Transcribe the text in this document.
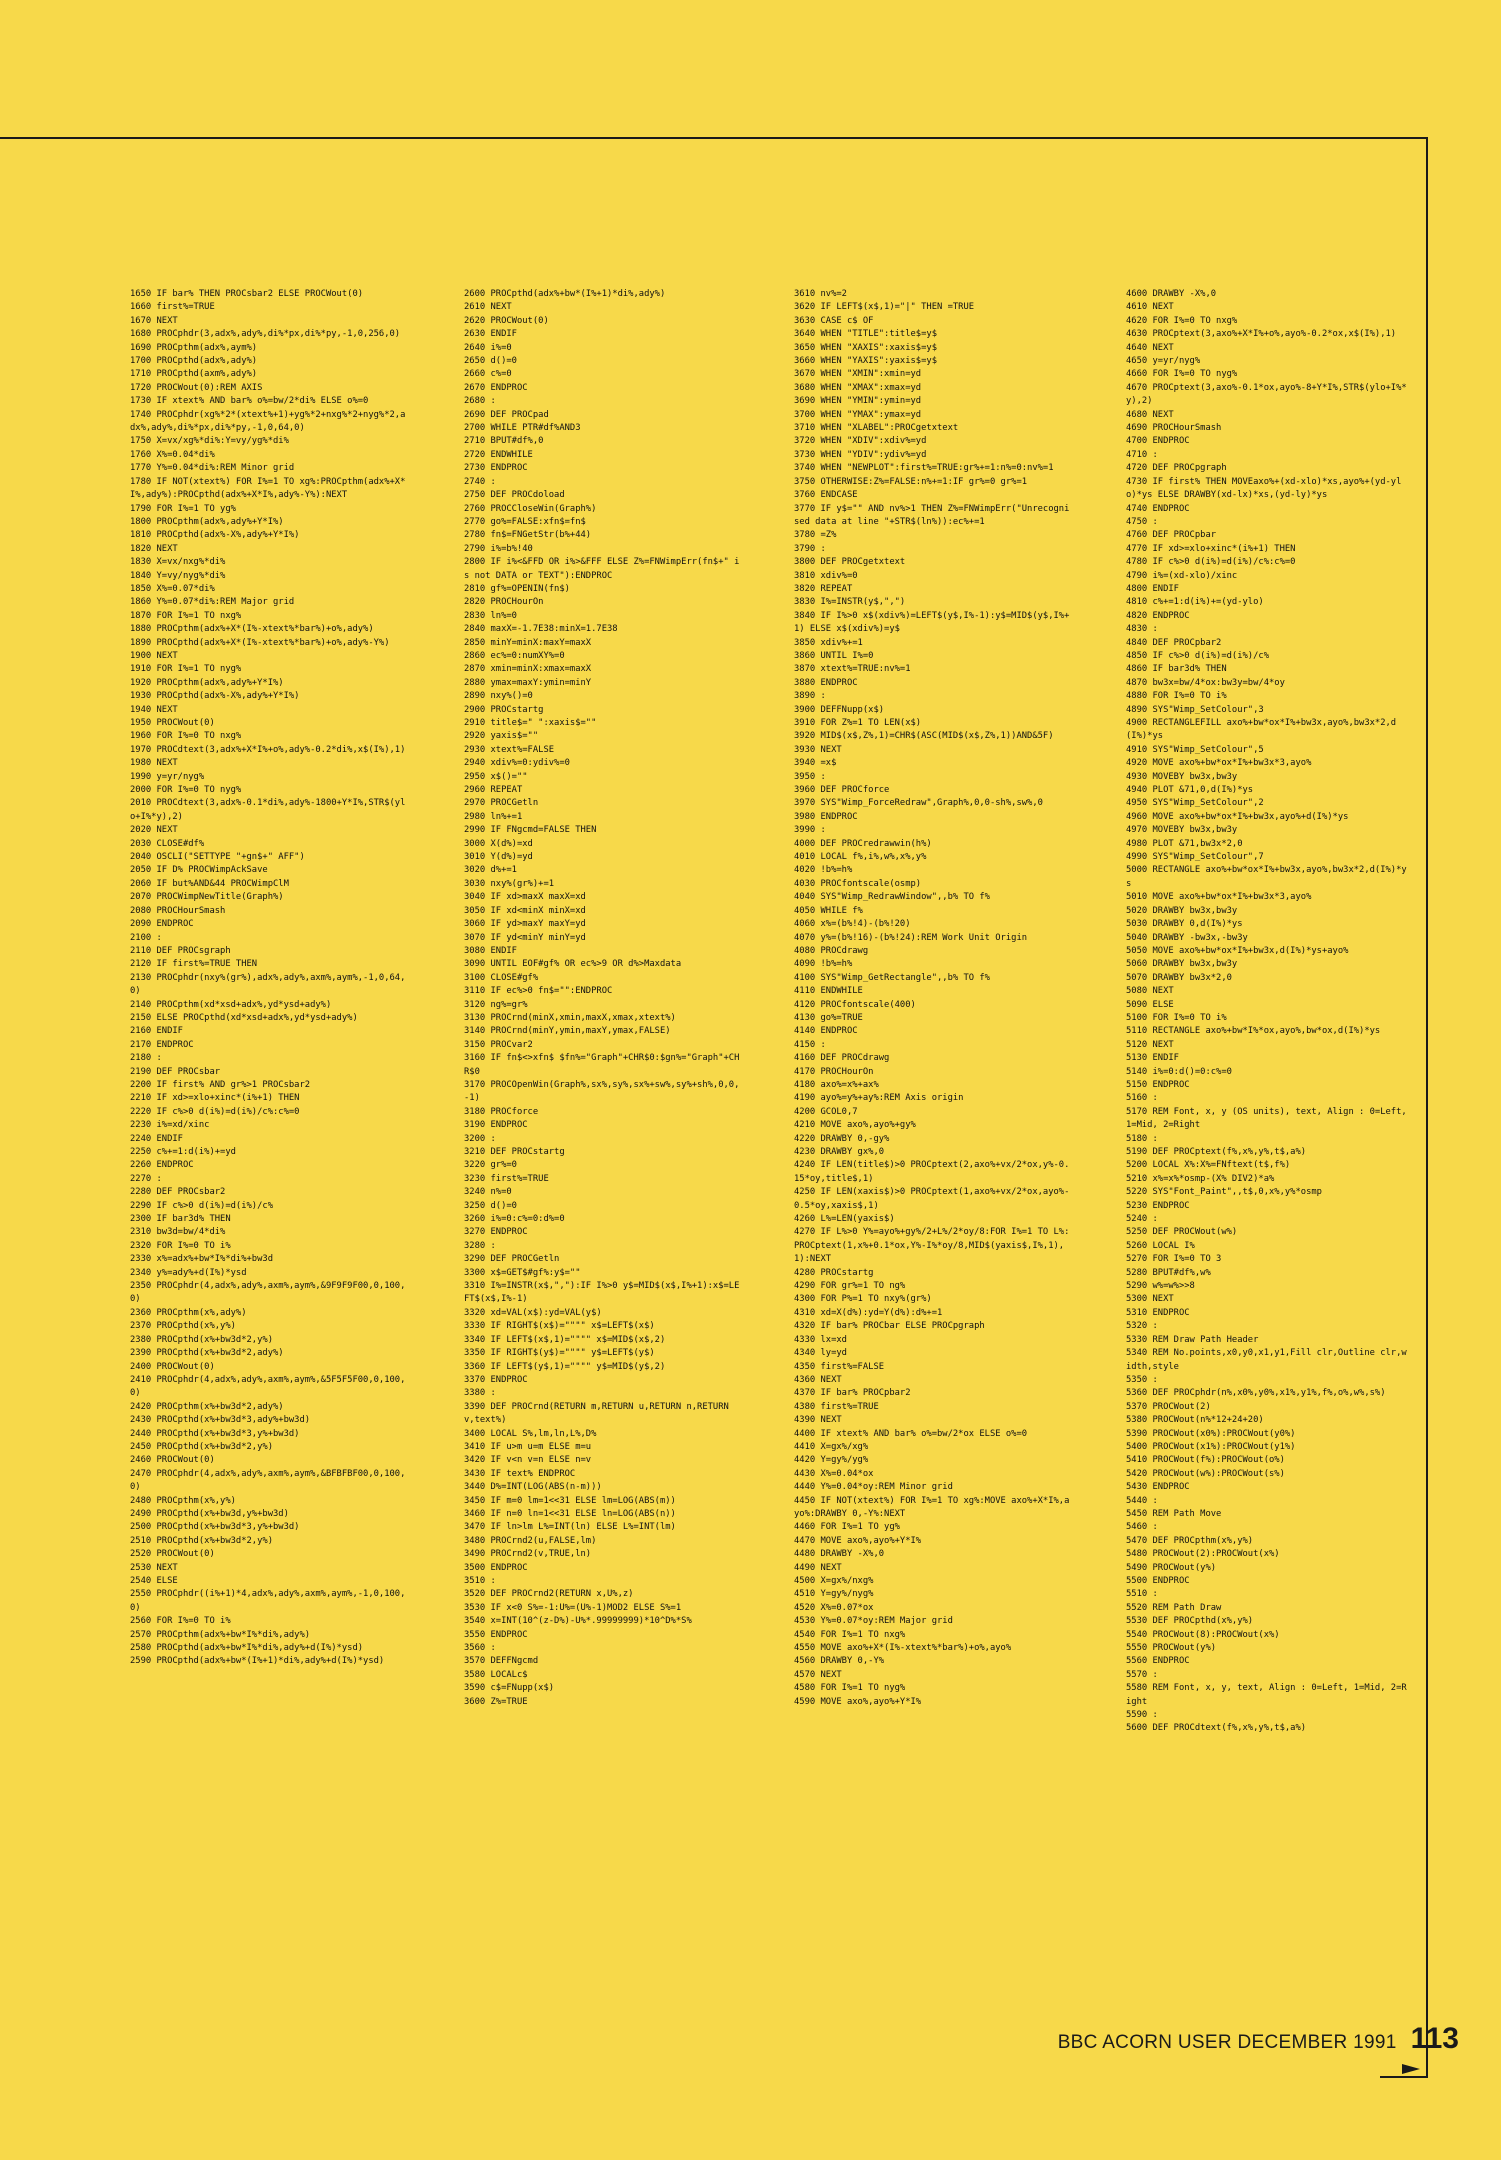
1650 IF bar% THEN PROCsbar2 ELSE PROCWout(0)
1660 first%=TRUE
1670 NEXT
1680 PROCphdr(3,adx%,ady%,di%*px,di%*py,-1,0,256,0)
1690 PROCpthm(adx%,aym%)
1700 PROCpthd(adx%,ady%)
1710 PROCpthd(axm%,ady%)
1720 PROCWout(0):REM AXIS
1730 IF xtext% AND bar% o%=bw/2*di% ELSE o%=0
1740 PROCphdr(xg%*2*(xtext%+1)+yg%*2+nxg%*2+nyg%*2,adx%,ady%,di%*px,di%*py,-1,0,64,0)
1750 X=vx/xg%*di%:Y=vy/yg%*di%
1760 X%=0.04*di%
1770 Y%=0.04*di%:REM Minor grid
1780 IF NOT(xtext%) FOR I%=1 TO xg%:PROCpthm(adx%+X*I%,ady%):PROCpthd(adx%+X*I%,ady%-Y%):NEXT
1790 FOR I%=1 TO yg%
1800 PROCpthm(adx%,ady%+Y*I%)
1810 PROCpthd(adx%-X%,ady%+Y*I%)
1820 NEXT
1830 X=vx/nxg%*di%
1840 Y=vy/nyg%*di%
1850 X%=0.07*di%
1860 Y%=0.07*di%:REM Major grid
1870 FOR I%=1 TO nxg%
1880 PROCpthm(adx%+X*(I%-xtext%*bar%)+o%,ady%)
1890 PROCpthd(adx%+X*(I%-xtext%*bar%)+o%,ady%-Y%)
1900 NEXT
1910 FOR I%=1 TO nyg%
1920 PROCpthm(adx%,ady%+Y*I%)
1930 PROCpthd(adx%-X%,ady%+Y*I%)
1940 NEXT
1950 PROCWout(0)
1960 FOR I%=0 TO nxg%
1970 PROCdtext(3,adx%+X*I%+o%,ady%-0.2*di%,x$(I%),1)
1980 NEXT
1990 y=yr/nyg%
2000 FOR I%=0 TO nyg%
2010 PROCdtext(3,adx%-0.1*di%,ady%-1800+Y*I%,STR$(ylo+I%*y),2)
2020 NEXT
2030 CLOSE#df%
2040 OSCLI("SETTYPE "+gn$+" AFF")
2050 IF D% PROCWimpAckSave
2060 IF but%AND&44 PROCWimpClM
2070 PROCWimpNewTitle(Graph%)
2080 PROCHourSmash
2090 ENDPROC
2100 :
2110 DEF PROCsgraph
2120 IF first%=TRUE THEN
2130 PROCphdr(nxy%(gr%),adx%,ady%,axm%,aym%,-1,0,64,0)
2140 PROCpthm(xd*xsd+adx%,yd*ysd+ady%)
2150 ELSE PROCpthd(xd*xsd+adx%,yd*ysd+ady%)
2160 ENDIF
2170 ENDPROC
2180 :
2190 DEF PROCsbar
2200 IF first% AND gr%>1 PROCsbar2
2210 IF xd>=xlo+xinc*(i%+1) THEN
2220 IF c%>0 d(i%)=d(i%)/c%:c%=0
2230 i%=xd/xinc
2240 ENDIF
2250 c%+=1:d(i%)+=yd
2260 ENDPROC
2270 :
2280 DEF PROCsbar2
2290 IF c%>0 d(i%)=d(i%)/c%
2300 IF bar3d% THEN
2310 bw3d=bw/4*di%
2320 FOR I%=0 TO i%
2330 x%=adx%+bw*I%*di%+bw3d
2340 y%=ady%+d(I%)*ysd
2350 PROCphdr(4,adx%,ady%,axm%,aym%,&9F9F9F00,0,100,0)
2360 PROCpthm(x%,ady%)
2370 PROCpthd(x%,y%)
2380 PROCpthd(x%+bw3d*2,y%)
2390 PROCpthd(x%+bw3d*2,ady%)
2400 PROCWout(0)
2410 PROCphdr(4,adx%,ady%,axm%,aym%,&5F5F5F00,0,100,0)
2420 PROCpthm(x%+bw3d*2,ady%)
2430 PROCpthd(x%+bw3d*3,ady%+bw3d)
2440 PROCpthd(x%+bw3d*3,y%+bw3d)
2450 PROCpthd(x%+bw3d*2,y%)
2460 PROCWout(0)
2470 PROCphdr(4,adx%,ady%,axm%,aym%,&BFBFBF00,0,100,0)
2480 PROCpthm(x%,y%)
2490 PROCpthd(x%+bw3d,y%+bw3d)
2500 PROCpthd(x%+bw3d*3,y%+bw3d)
2510 PROCpthd(x%+bw3d*2,y%)
2520 PROCWout(0)
2530 NEXT
2540 ELSE
2550 PROCphdr((i%+1)*4,adx%,ady%,axm%,aym%,-1,0,100,0)
2560 FOR I%=0 TO i%
2570 PROCpthm(adx%+bw*I%*di%,ady%)
2580 PROCpthd(adx%+bw*I%*di%,ady%+d(I%)*ysd)
2590 PROCpthd(adx%+bw*(I%+1)*di%,ady%+d(I%)*ysd)
2600 PROCpthd(adx%+bw*(I%+1)*di%,ady%)
2610 NEXT
2620 PROCWout(0)
2630 ENDIF
2640 i%=0
2650 d()=0
2660 c%=0
2670 ENDPROC
2680 :
2690 DEF PROCpad
2700 WHILE PTR#df%AND3
2710 BPUT#df%,0
2720 ENDWHILE
2730 ENDPROC
2740 :
2750 DEF PROCdoload
2760 PROCCloseWin(Graph%)
2770 go%=FALSE:xfn$=fn$
2780 fn$=FNGetStr(b%+44)
2790 i%=b%!40
2800 IF i%<&FFD OR i%>&FFF ELSE Z%=FNWimpErr(fn$+" is not DATA or TEXT"):ENDPROC
2810 gf%=OPENIN(fn$)
2820 PROCHourOn
2830 ln%=0
2840 maxX=-1.7E38:minX=1.7E38
2850 minY=minX:maxY=maxX
2860 ec%=0:numXY%=0
2870 xmin=minX:xmax=maxX
2880 ymax=maxY:ymin=minY
2890 nxy%()=0
2900 PROCstartg
2910 title$=" ":xaxis$=""
2920 yaxis$=""
2930 xtext%=FALSE
2940 xdiv%=0:ydiv%=0
2950 x$()=""
2960 REPEAT
2970 PROCGetln
2980 ln%+=1
2990 IF FNgcmd=FALSE THEN
3000 X(d%)=xd
3010 Y(d%)=yd
3020 d%+=1
3030 nxy%(gr%)+=1
3040 IF xd>maxX maxX=xd
3050 IF xd<minX minX=xd
3060 IF yd>maxY maxY=yd
3070 IF yd<minY minY=yd
3080 ENDIF
3090 UNTIL EOF#gf% OR ec%>9 OR d%>Maxdata
3100 CLOSE#gf%
3110 IF ec%>0 fn$="":ENDPROC
3120 ng%=gr%
3130 PROCrnd(minX,xmin,maxX,xmax,xtext%)
3140 PROCrnd(minY,ymin,maxY,ymax,FALSE)
3150 PROCvar2
3160 IF fn$<>xfn$ $fn%="Graph"+CHR$0:$gn%="Graph"+CHR$0
3170 PROCOpenWin(Graph%,sx%,sy%,sx%+sw%,sy%+sh%,0,0,-1)
3180 PROCforce
3190 ENDPROC
3200 :
3210 DEF PROCstartg
3220 gr%=0
3230 first%=TRUE
3240 n%=0
3250 d()=0
3260 i%=0:c%=0:d%=0
3270 ENDPROC
3280 :
3290 DEF PROCGetln
3300 x$=GET$#gf%:y$=""
3310 I%=INSTR(x$,","):IF I%>0 y$=MID$(x$,I%+1):x$=LEFT$(x$,I%-1)
3320 xd=VAL(x$):yd=VAL(y$)
3330 IF RIGHT$(x$)="""" x$=LEFT$(x$)
3340 IF LEFT$(x$,1)="""" x$=MID$(x$,2)
3350 IF RIGHT$(y$)="""" y$=LEFT$(y$)
3360 IF LEFT$(y$,1)="""" y$=MID$(y$,2)
3370 ENDPROC
3380 :
3390 DEF PROCrnd(RETURN m,RETURN u,RETURN n,RETURN v,text%)
3400 LOCAL S%,lm,ln,L%,D%
3410 IF u>m u=m ELSE m=u
3420 IF v<n v=n ELSE n=v
3430 IF text% ENDPROC
3440 D%=INT(LOG(ABS(n-m)))
3450 IF m=0 lm=1<<31 ELSE lm=LOG(ABS(m))
3460 IF n=0 ln=1<<31 ELSE ln=LOG(ABS(n))
3470 IF ln>lm L%=INT(ln) ELSE L%=INT(lm)
3480 PROCrnd2(u,FALSE,lm)
3490 PROCrnd2(v,TRUE,ln)
3500 ENDPROC
3510 :
3520 DEF PROCrnd2(RETURN x,U%,z)
3530 IF x<0 S%=-1:U%=(U%-1)MOD2 ELSE S%=1
3540 x=INT(10^(z-D%)-U%*.99999999)*10^D%*S%
3550 ENDPROC
3560 :
3570 DEFFNgcmd
3580 LOCALc$
3590 c$=FNupp(x$)
3600 Z%=TRUE
3610 nv%=2
3620 IF LEFT$(x$,1)="|" THEN =TRUE
3630 CASE c$ OF
3640 WHEN "TITLE":title$=y$
3650 WHEN "XAXIS":xaxis$=y$
3660 WHEN "YAXIS":yaxis$=y$
3670 WHEN "XMIN":xmin=yd
3680 WHEN "XMAX":xmax=yd
3690 WHEN "YMIN":ymin=yd
3700 WHEN "YMAX":ymax=yd
3710 WHEN "XLABEL":PROCgetxtext
3720 WHEN "XDIV":xdiv%=yd
3730 WHEN "YDIV":ydiv%=yd
3740 WHEN "NEWPLOT":first%=TRUE:gr%+=1:n%=0:nv%=1
3750 OTHERWISE:Z%=FALSE:n%+=1:IF gr%=0 gr%=1
3760 ENDCASE
3770 IF y$="" AND nv%>1 THEN Z%=FNWimpErr("Unrecognised data at line "+STR$(ln%)):ec%+=1
3780 =Z%
3790 :
3800 DEF PROCgetxtext
3810 xdiv%=0
3820 REPEAT
3830 I%=INSTR(y$,",")
3840 IF I%>0 x$(xdiv%)=LEFT$(y$,I%-1):y$=MID$(y$,I%+1) ELSE x$(xdiv%)=y$
3850 xdiv%+=1
3860 UNTIL I%=0
3870 xtext%=TRUE:nv%=1
3880 ENDPROC
3890 :
3900 DEFFNupp(x$)
3910 FOR Z%=1 TO LEN(x$)
3920 MID$(x$,Z%,1)=CHR$(ASC(MID$(x$,Z%,1))AND&5F)
3930 NEXT
3940 =x$
3950 :
3960 DEF PROCforce
3970 SYS"Wimp_ForceRedraw",Graph%,0,0-sh%,sw%,0
3980 ENDPROC
3990 :
4000 DEF PROCredrawwin(h%)
4010 LOCAL f%,i%,w%,x%,y%
4020 !b%=h%
4030 PROCfontscale(osmp)
4040 SYS"Wimp_RedrawWindow",,b% TO f%
4050 WHILE f%
4060 x%=(b%!4)-(b%!20)
4070 y%=(b%!16)-(b%!24):REM Work Unit Origin
4080 PROCdrawg
4090 !b%=h%
4100 SYS"Wimp_GetRectangle",,b% TO f%
4110 ENDWHILE
4120 PROCfontscale(400)
4130 go%=TRUE
4140 ENDPROC
4150 :
4160 DEF PROCdrawg
4170 PROCHourOn
4180 axo%=x%+ax%
4190 ayo%=y%+ay%:REM Axis origin
4200 GCOL0,7
4210 MOVE axo%,ayo%+gy%
4220 DRAWBY 0,-gy%
4230 DRAWBY gx%,0
4240 IF LEN(title$)>0 PROCptext(2,axo%+vx/2*ox,y%-0.15*oy,title$,1)
4250 IF LEN(xaxis$)>0 PROCptext(1,axo%+vx/2*ox,ayo%-0.5*oy,xaxis$,1)
4260 L%=LEN(yaxis$)
4270 IF L%>0 Y%=ayo%+gy%/2+L%/2*oy/8:FOR I%=1 TO L%:PROCptext(1,x%+0.1*ox,Y%-I%*oy/8,MID$(yaxis$,I%,1),1):NEXT
4280 PROCstartg
4290 FOR gr%=1 TO ng%
4300 FOR P%=1 TO nxy%(gr%)
4310 xd=X(d%):yd=Y(d%):d%+=1
4320 IF bar% PROCbar ELSE PROCpgraph
4330 lx=xd
4340 ly=yd
4350 first%=FALSE
4360 NEXT
4370 IF bar% PROCpbar2
4380 first%=TRUE
4390 NEXT
4400 IF xtext% AND bar% o%=bw/2*ox ELSE o%=0
4410 X=gx%/xg%
4420 Y=gy%/yg%
4430 X%=0.04*ox
4440 Y%=0.04*oy:REM Minor grid
4450 IF NOT(xtext%) FOR I%=1 TO xg%:MOVE axo%+X*I%,ayo%:DRAWBY 0,-Y%:NEXT
4460 FOR I%=1 TO yg%
4470 MOVE axo%,ayo%+Y*I%
4480 DRAWBY -X%,0
4490 NEXT
4500 X=gx%/nxg%
4510 Y=gy%/nyg%
4520 X%=0.07*ox
4530 Y%=0.07*oy:REM Major grid
4540 FOR I%=1 TO nxg%
4550 MOVE axo%+X*(I%-xtext%*bar%)+o%,ayo%
4560 DRAWBY 0,-Y%
4570 NEXT
4580 FOR I%=1 TO nyg%
4590 MOVE axo%,ayo%+Y*I%
4600 DRAWBY -X%,0
4610 NEXT
4620 FOR I%=0 TO nxg%
4630 PROCptext(3,axo%+X*I%+o%,ayo%-0.2*ox,x$(I%),1)
4640 NEXT
4650 y=yr/nyg%
4660 FOR I%=0 TO nyg%
4670 PROCptext(3,axo%-0.1*ox,ayo%-8+Y*I%,STR$(ylo+I%*y),2)
4680 NEXT
4690 PROCHourSmash
4700 ENDPROC
4710 :
4720 DEF PROCpgraph
4730 IF first% THEN MOVEaxo%+(xd-xlo)*xs,ayo%+(yd-ylo)*ys ELSE DRAWBY(xd-lx)*xs,(yd-ly)*ys
4740 ENDPROC
4750 :
4760 DEF PROCpbar
4770 IF xd>=xlo+xinc*(i%+1) THEN
4780 IF c%>0 d(i%)=d(i%)/c%:c%=0
4790 i%=(xd-xlo)/xinc
4800 ENDIF
4810 c%+=1:d(i%)+=(yd-ylo)
4820 ENDPROC
4830 :
4840 DEF PROCpbar2
4850 IF c%>0 d(i%)=d(i%)/c%
4860 IF bar3d% THEN
4870 bw3x=bw/4*ox:bw3y=bw/4*oy
4880 FOR I%=0 TO i%
4890 SYS"Wimp_SetColour",3
4900 RECTANGLEFILL axo%+bw*ox*I%+bw3x,ayo%,bw3x*2,d(I%)*ys
4910 SYS"Wimp_SetColour",5
4920 MOVE axo%+bw*ox*I%+bw3x*3,ayo%
4930 MOVEBY bw3x,bw3y
4940 PLOT &71,0,d(I%)*ys
4950 SYS"Wimp_SetColour",2
4960 MOVE axo%+bw*ox*I%+bw3x,ayo%+d(I%)*ys
4970 MOVEBY bw3x,bw3y
4980 PLOT &71,bw3x*2,0
4990 SYS"Wimp_SetColour",7
5000 RECTANGLE axo%+bw*ox*I%+bw3x,ayo%,bw3x*2,d(I%)*ys
5010 MOVE axo%+bw*ox*I%+bw3x*3,ayo%
5020 DRAWBY bw3x,bw3y
5030 DRAWBY 0,d(I%)*ys
5040 DRAWBY -bw3x,-bw3y
5050 MOVE axo%+bw*ox*I%+bw3x,d(I%)*ys+ayo%
5060 DRAWBY bw3x,bw3y
5070 DRAWBY bw3x*2,0
5080 NEXT
5090 ELSE
5100 FOR I%=0 TO i%
5110 RECTANGLE axo%+bw*I%*ox,ayo%,bw*ox,d(I%)*ys
5120 NEXT
5130 ENDIF
5140 i%=0:d()=0:c%=0
5150 ENDPROC
5160 :
5170 REM Font, x, y (OS units), text, Align : 0=Left, 1=Mid, 2=Right
5180 :
5190 DEF PROCptext(f%,x%,y%,t$,a%)
5200 LOCAL X%:X%=FNftext(t$,f%)
5210 x%=x%*osmp-(X% DIV2)*a%
5220 SYS"Font_Paint",,t$,0,x%,y%*osmp
5230 ENDPROC
5240 :
5250 DEF PROCWout(w%)
5260 LOCAL I%
5270 FOR I%=0 TO 3
5280 BPUT#df%,w%
5290 w%=w%>>8
5300 NEXT
5310 ENDPROC
5320 :
5330 REM Draw Path Header
5340 REM No.points,x0,y0,x1,y1,Fill clr,Outline clr,width,style
5350 :
5360 DEF PROCphdr(n%,x0%,y0%,x1%,y1%,f%,o%,w%,s%)
5370 PROCWout(2)
5380 PROCWout(n%*12+24+20)
5390 PROCWout(x0%):PROCWout(y0%)
5400 PROCWout(x1%):PROCWout(y1%)
5410 PROCWout(f%):PROCWout(o%)
5420 PROCWout(w%):PROCWout(s%)
5430 ENDPROC
5440 :
5450 REM Path Move
5460 :
5470 DEF PROCpthm(x%,y%)
5480 PROCWout(2):PROCWout(x%)
5490 PROCWout(y%)
5500 ENDPROC
5510 :
5520 REM Path Draw
5530 DEF PROCpthd(x%,y%)
5540 PROCWout(8):PROCWout(x%)
5550 PROCWout(y%)
5560 ENDPROC
5570 :
5580 REM Font, x, y, text, Align : 0=Left, 1=Mid, 2=Right
5590 :
5600 DEF PROCdtext(f%,x%,y%,t$,a%)
BBC ACORN USER DECEMBER 1991 113
